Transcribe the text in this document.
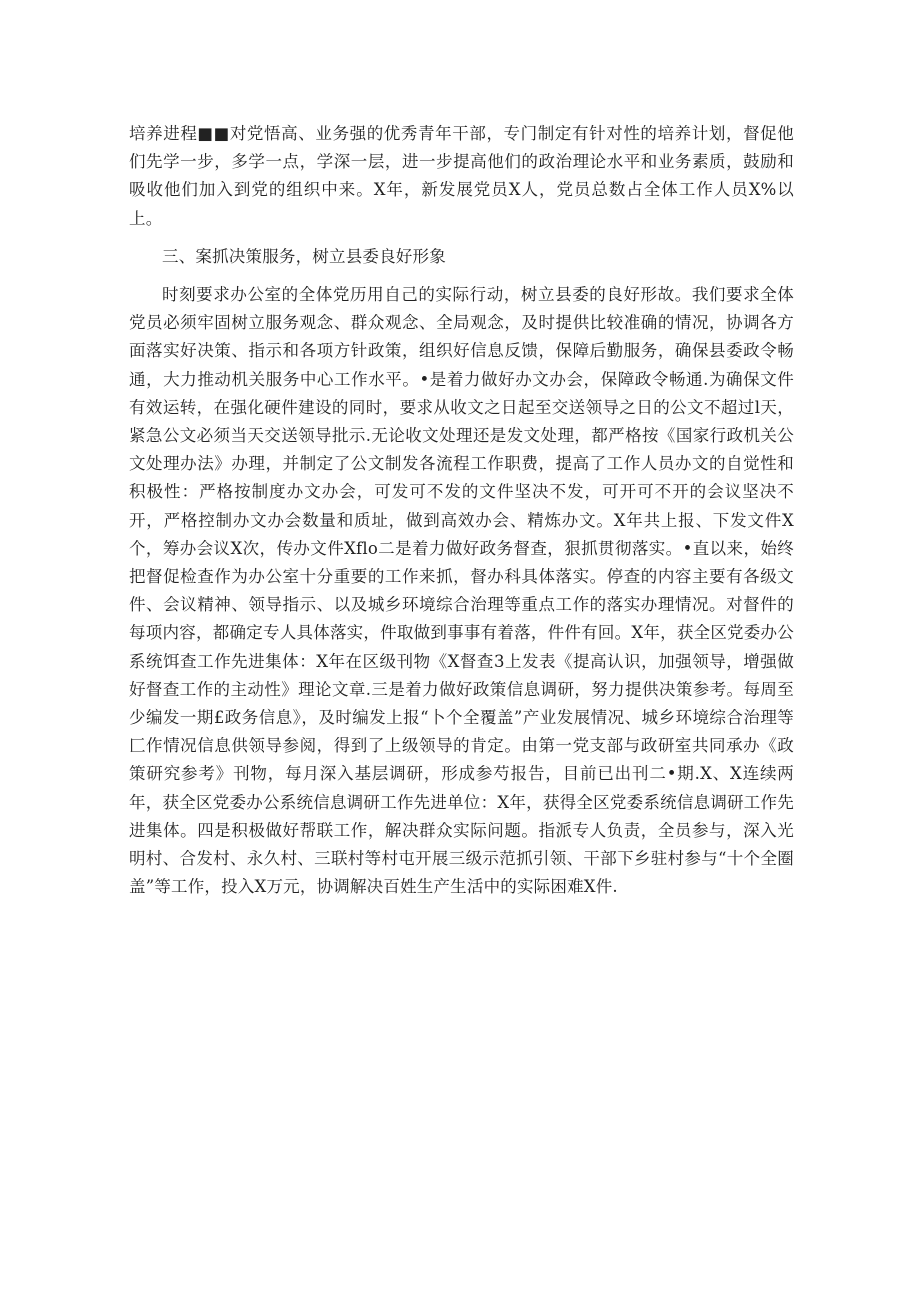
培养进程■■对党悟高、业务强的优秀青年干部，专门制定有针对性的培养计划，督促他们先学一步，多学一点，学深一层，进一步提高他们的政治理论水平和业务素质，鼓励和吸收他们加入到党的组织中来。X年，新发展党员X人，党员总数占全体工作人员X%以上。

三、案抓决策服务，树立县委良好形象

时刻要求办公室的全体党历用自己的实际行动，树立县委的良好形故。我们要求全体党员必须牢固树立服务观念、群众观念、全局观念，及时提供比较准确的情况，协调各方面落实好决策、指示和各项方针政策，组织好信息反馈，保障后勤服务，确保县委政令畅通，大力推动机关服务中心工作水平。•是着力做好办文办会，保障政令畅通.为确保文件有效运转，在强化硬件建设的同时，要求从收文之日起至交送领导之日的公文不超过l天，紧急公文必须当天交送领导批示.无论收文处理还是发文处理，都严格按《国家行政机关公文处理办法》办理，并制定了公文制发各流程工作职费，提高了工作人员办文的自觉性和积极性：严格按制度办文办会，可发可不发的文件坚决不发，可开可不开的会议坚决不开，严格控制办文办会数量和质址，做到高效办会、精炼办文。X年共上报、下发文件X个，筹办会议X次，传办文件Xflo二是着力做好政务督查，狠抓贯彻落实。•直以来，始终把督促检查作为办公室十分重要的工作来抓，督办科具体落实。停查的内容主要有各级文件、会议精神、领导指示、以及城乡环境综合治理等重点工作的落实办理情况。对督件的每项内容，都确定专人具体落实，件取做到事事有着落，件件有回。X年，获全区党委办公系统饵查工作先进集体：X年在区级刊物《X督查3上发表《提高认识，加强领导，增强做好督查工作的主动性》理论文章.三是着力做好政策信息调研，努力提供决策参考。每周至少编发一期£政务信息》，及时编发上报“卜个全覆盖”产业发展情况、城乡环境综合治理等匚作情况信息供领导参阅，得到了上级领导的肯定。由第一党支部与政研室共同承办《政策研究参考》刊物，每月深入基层调研，形成参芍报告，目前已出刊二•期.X、X连续两年，获全区党委办公系统信息调研工作先进单位：X年，获得全区党委系统信息调研工作先进集体。四是积极做好帮联工作，解决群众实际问题。指派专人负责，全员参与，深入光明村、合发村、永久村、三联村等村屯开展三级示范抓引领、干部下乡驻村参与“十个全圈盖”等工作，投入X万元，协调解决百姓生产生活中的实际困难X件.
